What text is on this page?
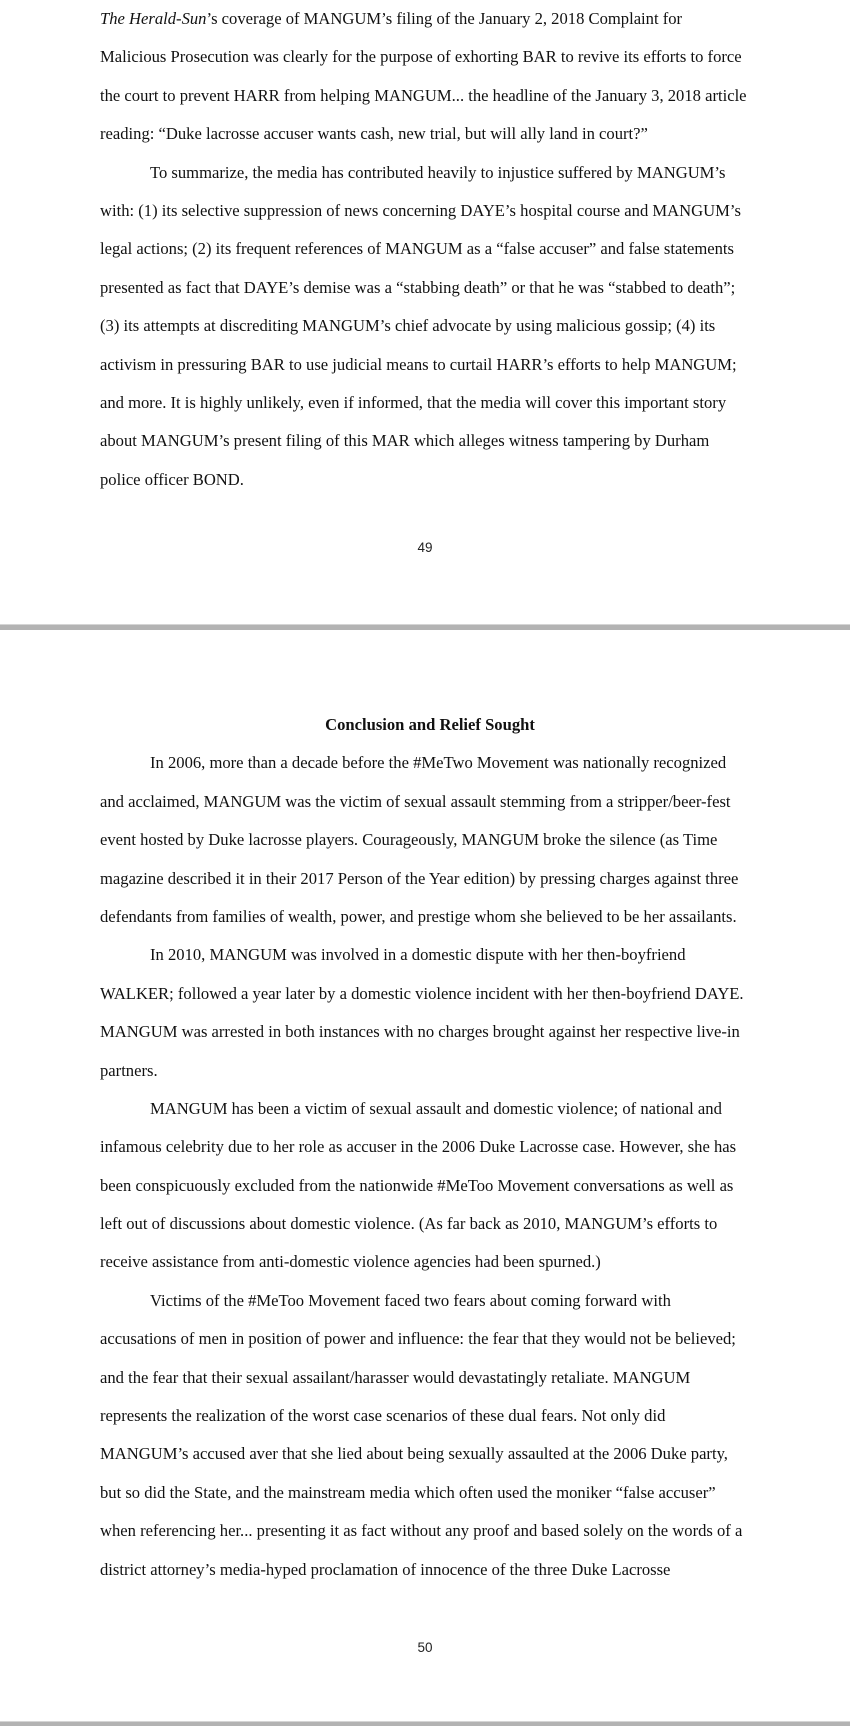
The Herald-Sun’s coverage of MANGUM’s filing of the January 2, 2018 Complaint for
Malicious Prosecution was clearly for the purpose of exhorting BAR to revive its efforts to force
the court to prevent HARR from helping MANGUM... the headline of the January 3, 2018 article
reading: “Duke lacrosse accuser wants cash, new trial, but will ally land in court?”
To summarize, the media has contributed heavily to injustice suffered by MANGUM’s
with: (1) its selective suppression of news concerning DAYE’s hospital course and MANGUM’s
legal actions; (2) its frequent references of MANGUM as a “false accuser” and false statements
presented as fact that DAYE’s demise was a “stabbing death” or that he was “stabbed to death”;
(3) its attempts at discrediting MANGUM’s chief advocate by using malicious gossip; (4) its
activism in pressuring BAR to use judicial means to curtail HARR’s efforts to help MANGUM;
and more. It is highly unlikely, even if informed, that the media will cover this important story
about MANGUM’s present filing of this MAR which alleges witness tampering by Durham
police officer BOND.
49
Conclusion and Relief Sought
In 2006, more than a decade before the #MeTwo Movement was nationally recognized
and acclaimed, MANGUM was the victim of sexual assault stemming from a stripper/beer-fest
event hosted by Duke lacrosse players. Courageously, MANGUM broke the silence (as Time
magazine described it in their 2017 Person of the Year edition) by pressing charges against three
defendants from families of wealth, power, and prestige whom she believed to be her assailants.
In 2010, MANGUM was involved in a domestic dispute with her then-boyfriend
WALKER; followed a year later by a domestic violence incident with her then-boyfriend DAYE.
MANGUM was arrested in both instances with no charges brought against her respective live-in
partners.
MANGUM has been a victim of sexual assault and domestic violence; of national and
infamous celebrity due to her role as accuser in the 2006 Duke Lacrosse case. However, she has
been conspicuously excluded from the nationwide #MeToo Movement conversations as well as
left out of discussions about domestic violence. (As far back as 2010, MANGUM’s efforts to
receive assistance from anti-domestic violence agencies had been spurned.)
Victims of the #MeToo Movement faced two fears about coming forward with
accusations of men in position of power and influence: the fear that they would not be believed;
and the fear that their sexual assailant/harasser would devastatingly retaliate. MANGUM
represents the realization of the worst case scenarios of these dual fears. Not only did
MANGUM’s accused aver that she lied about being sexually assaulted at the 2006 Duke party,
but so did the State, and the mainstream media which often used the moniker “false accuser”
when referencing her... presenting it as fact without any proof and based solely on the words of a
district attorney’s media-hyped proclamation of innocence of the three Duke Lacrosse
50
